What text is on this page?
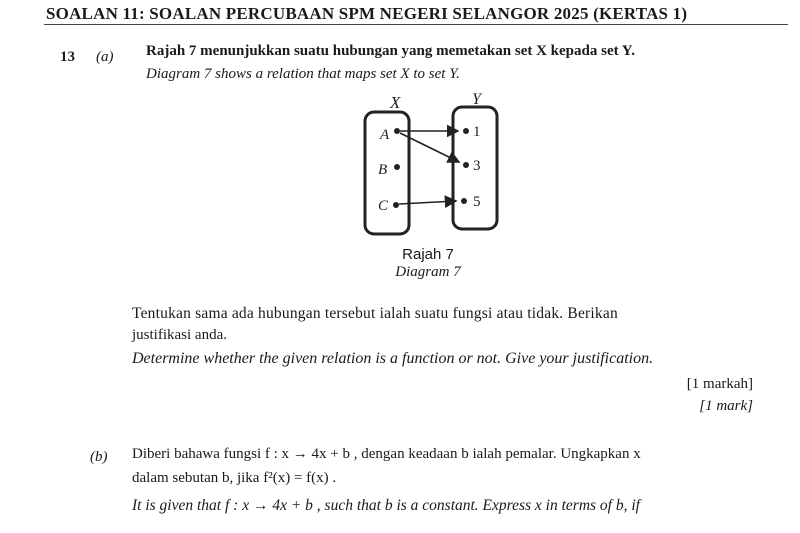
SOALAN 11: SOALAN PERCUBAAN SPM NEGERI SELANGOR 2025 (KERTAS 1)
13 (a) Rajah 7 menunjukkan suatu hubungan yang memetakan set X kepada set Y.
Diagram 7 shows a relation that maps set X to set Y.
X	Y
A
B
C
1
3
5
Rajah 7
Diagram 7
Tentukan sama ada hubungan tersebut ialah suatu fungsi atau tidak. Berikan
justifikasi anda.
Determine whether the given relation is a function or not. Give your justification.
[1 markah]
[1 mark]
(b) Diberi bahawa fungsi f : x → 4x + b , dengan keadaan b ialah pemalar. Ungkapkan x
dalam sebutan b, jika f²(x) = f(x) .
It is given that f : x → 4x + b , such that b is a constant. Express x in terms of b, if
